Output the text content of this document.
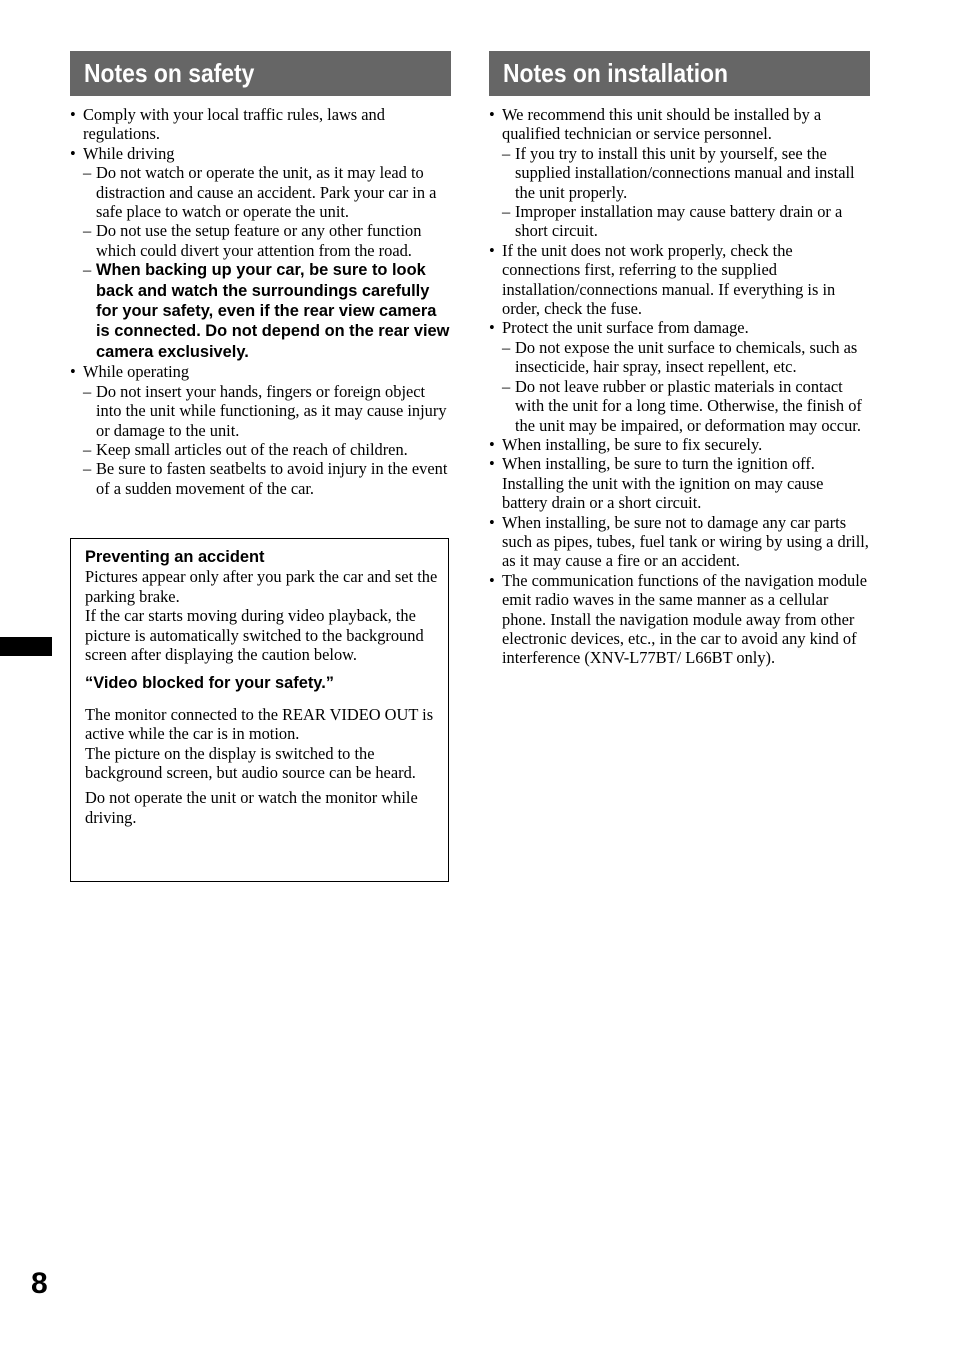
Notes on safety
• Comply with your local traffic rules, laws and regulations.
• While driving
– Do not watch or operate the unit, as it may lead to distraction and cause an accident. Park your car in a safe place to watch or operate the unit.
– Do not use the setup feature or any other function which could divert your attention from the road.
– When backing up your car, be sure to look back and watch the surroundings carefully for your safety, even if the rear view camera is connected. Do not depend on the rear view camera exclusively.
• While operating
– Do not insert your hands, fingers or foreign object into the unit while functioning, as it may cause injury or damage to the unit.
– Keep small articles out of the reach of children.
– Be sure to fasten seatbelts to avoid injury in the event of a sudden movement of the car.
Preventing an accident
Pictures appear only after you park the car and set the parking brake.
If the car starts moving during video playback, the picture is automatically switched to the background screen after displaying the caution below.
“Video blocked for your safety.”
The monitor connected to the REAR VIDEO OUT is active while the car is in motion.
The picture on the display is switched to the background screen, but audio source can be heard.
Do not operate the unit or watch the monitor while driving.
Notes on installation
• We recommend this unit should be installed by a qualified technician or service personnel.
– If you try to install this unit by yourself, see the supplied installation/connections manual and install the unit properly.
– Improper installation may cause battery drain or a short circuit.
• If the unit does not work properly, check the connections first, referring to the supplied installation/connections manual. If everything is in order, check the fuse.
• Protect the unit surface from damage.
– Do not expose the unit surface to chemicals, such as insecticide, hair spray, insect repellent, etc.
– Do not leave rubber or plastic materials in contact with the unit for a long time. Otherwise, the finish of the unit may be impaired, or deformation may occur.
• When installing, be sure to fix securely.
• When installing, be sure to turn the ignition off. Installing the unit with the ignition on may cause battery drain or a short circuit.
• When installing, be sure not to damage any car parts such as pipes, tubes, fuel tank or wiring by using a drill, as it may cause a fire or an accident.
• The communication functions of the navigation module emit radio waves in the same manner as a cellular phone. Install the navigation module away from other electronic devices, etc., in the car to avoid any kind of interference (XNV-L77BT/ L66BT only).
8
